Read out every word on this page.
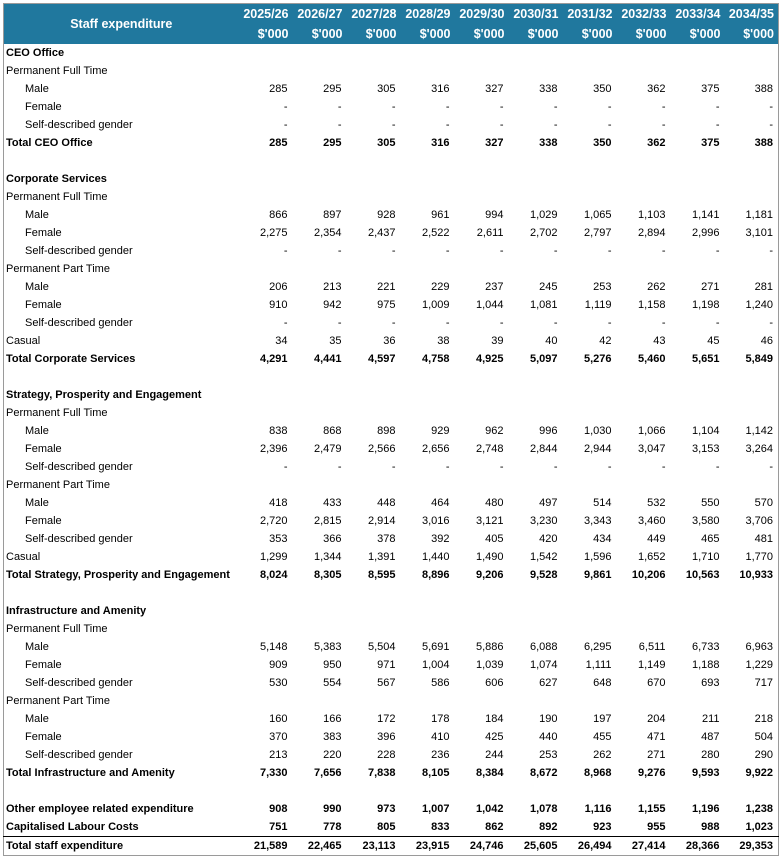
Staff expenditure	2025/26	2026/27	2027/28	2028/29	2029/30	2030/31	2031/32	2032/33	2033/34	2034/35
	$'000	$'000	$'000	$'000	$'000	$'000	$'000	$'000	$'000	$'000
CEO Office										
Permanent Full Time										
Male	285	295	305	316	327	338	350	362	375	388
Female	-	-	-	-	-	-	-	-	-	-
Self-described gender	-	-	-	-	-	-	-	-	-	-
Total CEO Office	285	295	305	316	327	338	350	362	375	388

Corporate Services										
Permanent Full Time										
Male	866	897	928	961	994	1,029	1,065	1,103	1,141	1,181
Female	2,275	2,354	2,437	2,522	2,611	2,702	2,797	2,894	2,996	3,101
Self-described gender	-	-	-	-	-	-	-	-	-	-
Permanent Part Time										
Male	206	213	221	229	237	245	253	262	271	281
Female	910	942	975	1,009	1,044	1,081	1,119	1,158	1,198	1,240
Self-described gender	-	-	-	-	-	-	-	-	-	-
Casual	34	35	36	38	39	40	42	43	45	46
Total Corporate Services	4,291	4,441	4,597	4,758	4,925	5,097	5,276	5,460	5,651	5,849

Strategy, Prosperity and Engagement										
Permanent Full Time										
Male	838	868	898	929	962	996	1,030	1,066	1,104	1,142
Female	2,396	2,479	2,566	2,656	2,748	2,844	2,944	3,047	3,153	3,264
Self-described gender	-	-	-	-	-	-	-	-	-	-
Permanent Part Time										
Male	418	433	448	464	480	497	514	532	550	570
Female	2,720	2,815	2,914	3,016	3,121	3,230	3,343	3,460	3,580	3,706
Self-described gender	353	366	378	392	405	420	434	449	465	481
Casual	1,299	1,344	1,391	1,440	1,490	1,542	1,596	1,652	1,710	1,770
Total Strategy, Prosperity and Engagement	8,024	8,305	8,595	8,896	9,206	9,528	9,861	10,206	10,563	10,933

Infrastructure and Amenity										
Permanent Full Time										
Male	5,148	5,383	5,504	5,691	5,886	6,088	6,295	6,511	6,733	6,963
Female	909	950	971	1,004	1,039	1,074	1,111	1,149	1,188	1,229
Self-described gender	530	554	567	586	606	627	648	670	693	717
Permanent Part Time										
Male	160	166	172	178	184	190	197	204	211	218
Female	370	383	396	410	425	440	455	471	487	504
Self-described gender	213	220	228	236	244	253	262	271	280	290
Total Infrastructure and Amenity	7,330	7,656	7,838	8,105	8,384	8,672	8,968	9,276	9,593	9,922

Other employee related expenditure	908	990	973	1,007	1,042	1,078	1,116	1,155	1,196	1,238
Capitalised Labour Costs	751	778	805	833	862	892	923	955	988	1,023
Total staff expenditure	21,589	22,465	23,113	23,915	24,746	25,605	26,494	27,414	28,366	29,353
